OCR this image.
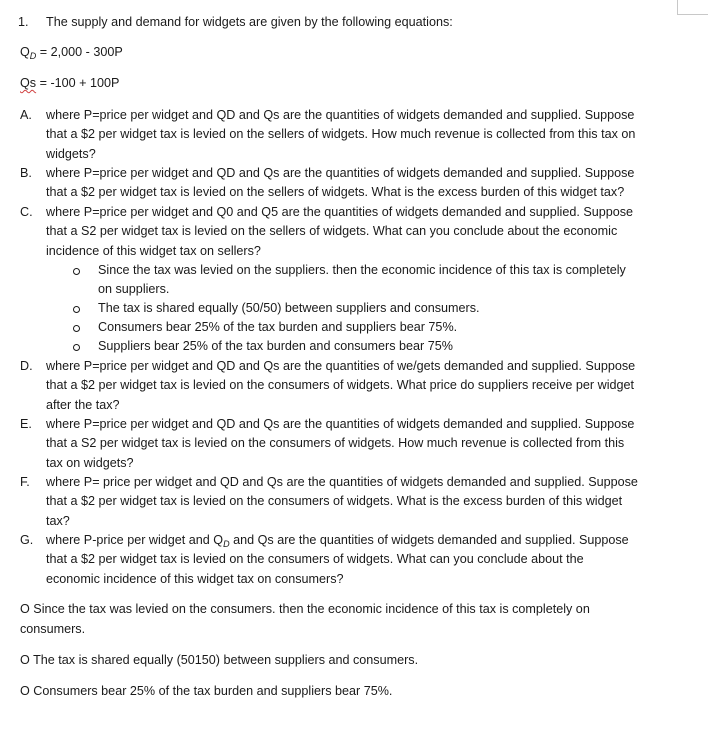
1. The supply and demand for widgets are given by the following equations:
$Q_D = 2,000 - 300P$
Qs = -100 + 100P
A. where P=price per widget and QD and Qs are the quantities of widgets demanded and supplied. Suppose
that a $2 per widget tax is levied on the sellers of widgets. How much revenue is collected from this tax on
widgets?
B. where P=price per widget and QD and Qs are the quantities of widgets demanded and supplied. Suppose
that a $2 per widget tax is levied on the sellers of widgets. What is the excess burden of this widget tax?
C. where P=price per widget and Q0 and Q5 are the quantities of widgets demanded and supplied. Suppose
that a S2 per widget tax is levied on the sellers of widgets. What can you conclude about the economic
incidence of this widget tax on sellers?
Since the tax was levied on the suppliers. then the economic incidence of this tax is completely
on suppliers.
The tax is shared equally (50/50) between suppliers and consumers.
Consumers bear 25% of the tax burden and suppliers bear 75%.
Suppliers bear 25% of the tax burden and consumers bear 75%
D. where P=price per widget and QD and Qs are the quantities of we/gets demanded and supplied. Suppose
that a $2 per widget tax is levied on the consumers of widgets. What price do suppliers receive per widget
after the tax?
E. where P=price per widget and QD and Qs are the quantities of widgets demanded and supplied. Suppose
that a S2 per widget tax is levied on the consumers of widgets. How much revenue is collected from this
tax on widgets?
F. where P= price per widget and QD and Qs are the quantities of widgets demanded and supplied. Suppose
that a $2 per widget tax is levied on the consumers of widgets. What is the excess burden of this widget
tax?
G. where P-price per widget and $Q_D$ and Qs are the quantities of widgets demanded and supplied. Suppose
that a $2 per widget tax is levied on the consumers of widgets. What can you conclude about the
economic incidence of this widget tax on consumers?
O Since the tax was levied on the consumers. then the economic incidence of this tax is completely on
consumers.
O The tax is shared equally (50150) between suppliers and consumers.
O Consumers bear 25% of the tax burden and suppliers bear 75%.
